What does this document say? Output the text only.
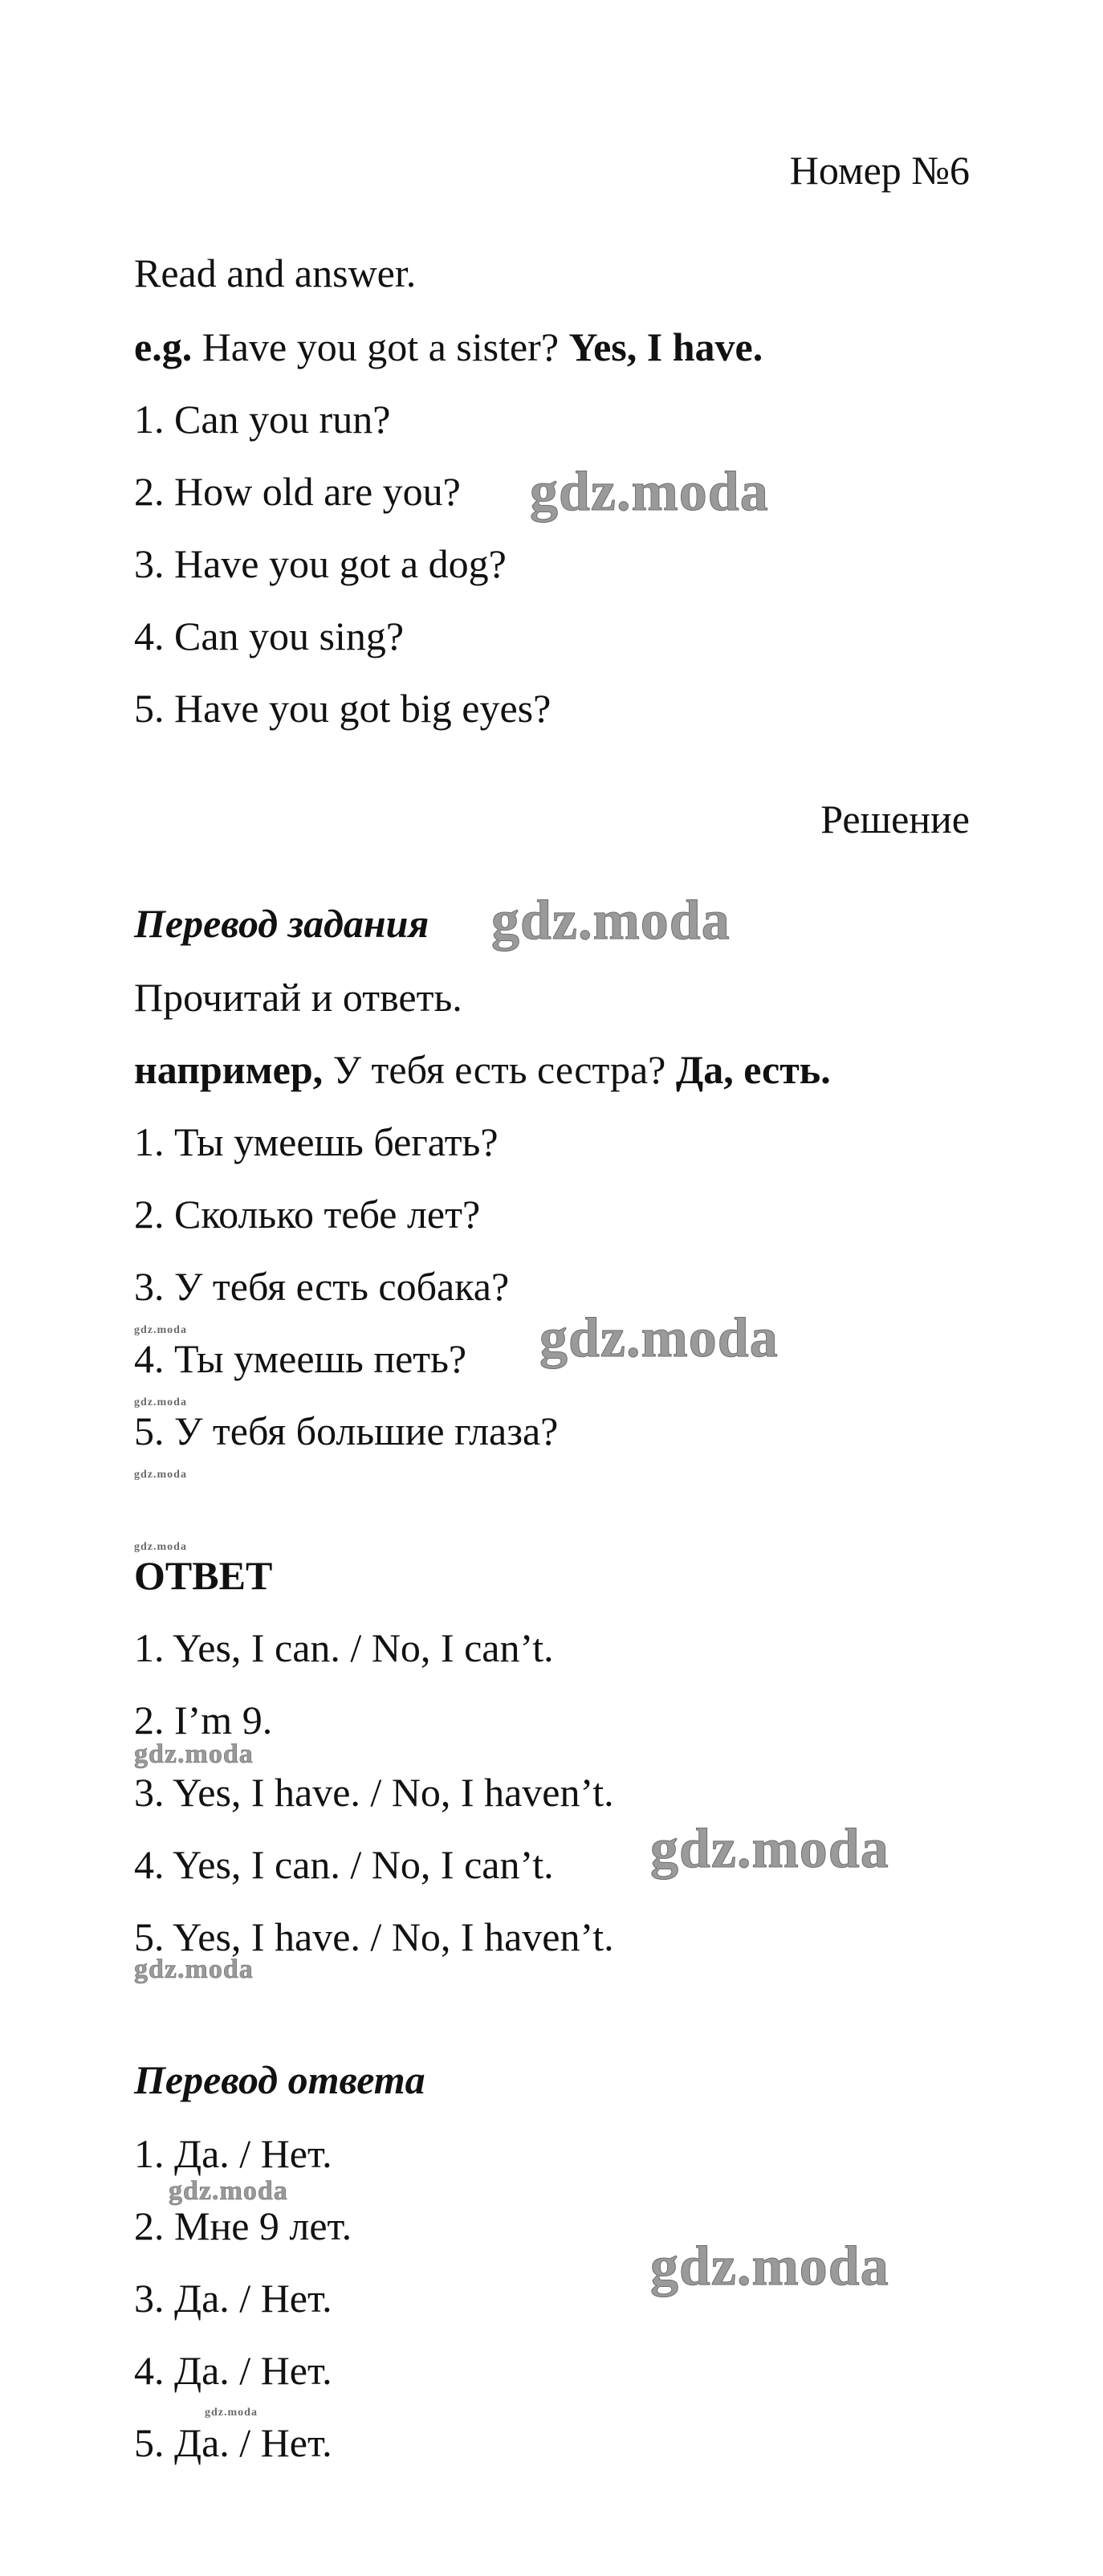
Номер №6
Read and answer.
e.g. Have you got a sister? Yes, I have.
1. Can you run?
2. How old are you?
3. Have you got a dog?
4. Can you sing?
5. Have you got big eyes?
Решение
Перевод задания
Прочитай и ответь.
например, У тебя есть сестра? Да, есть.
1. Ты умеешь бегать?
2. Сколько тебе лет?
3. У тебя есть собака?
4. Ты умеешь петь?
5. У тебя большие глаза?
ОТВЕТ
1. Yes, I can. / No, I can’t.
2. I’m 9.
3. Yes, I have. / No, I haven’t.
4. Yes, I can. / No, I can’t.
5. Yes, I have. / No, I haven’t.
Перевод ответа
1. Да. / Нет.
2. Мне 9 лет.
3. Да. / Нет.
4. Да. / Нет.
5. Да. / Нет.
gdz.moda
gdz.moda
gdz.moda
gdz.moda
gdz.moda
gdz.moda
gdz.moda
gdz.moda
gdz.moda
gdz.moda
gdz.moda
gdz.moda
gdz.moda
